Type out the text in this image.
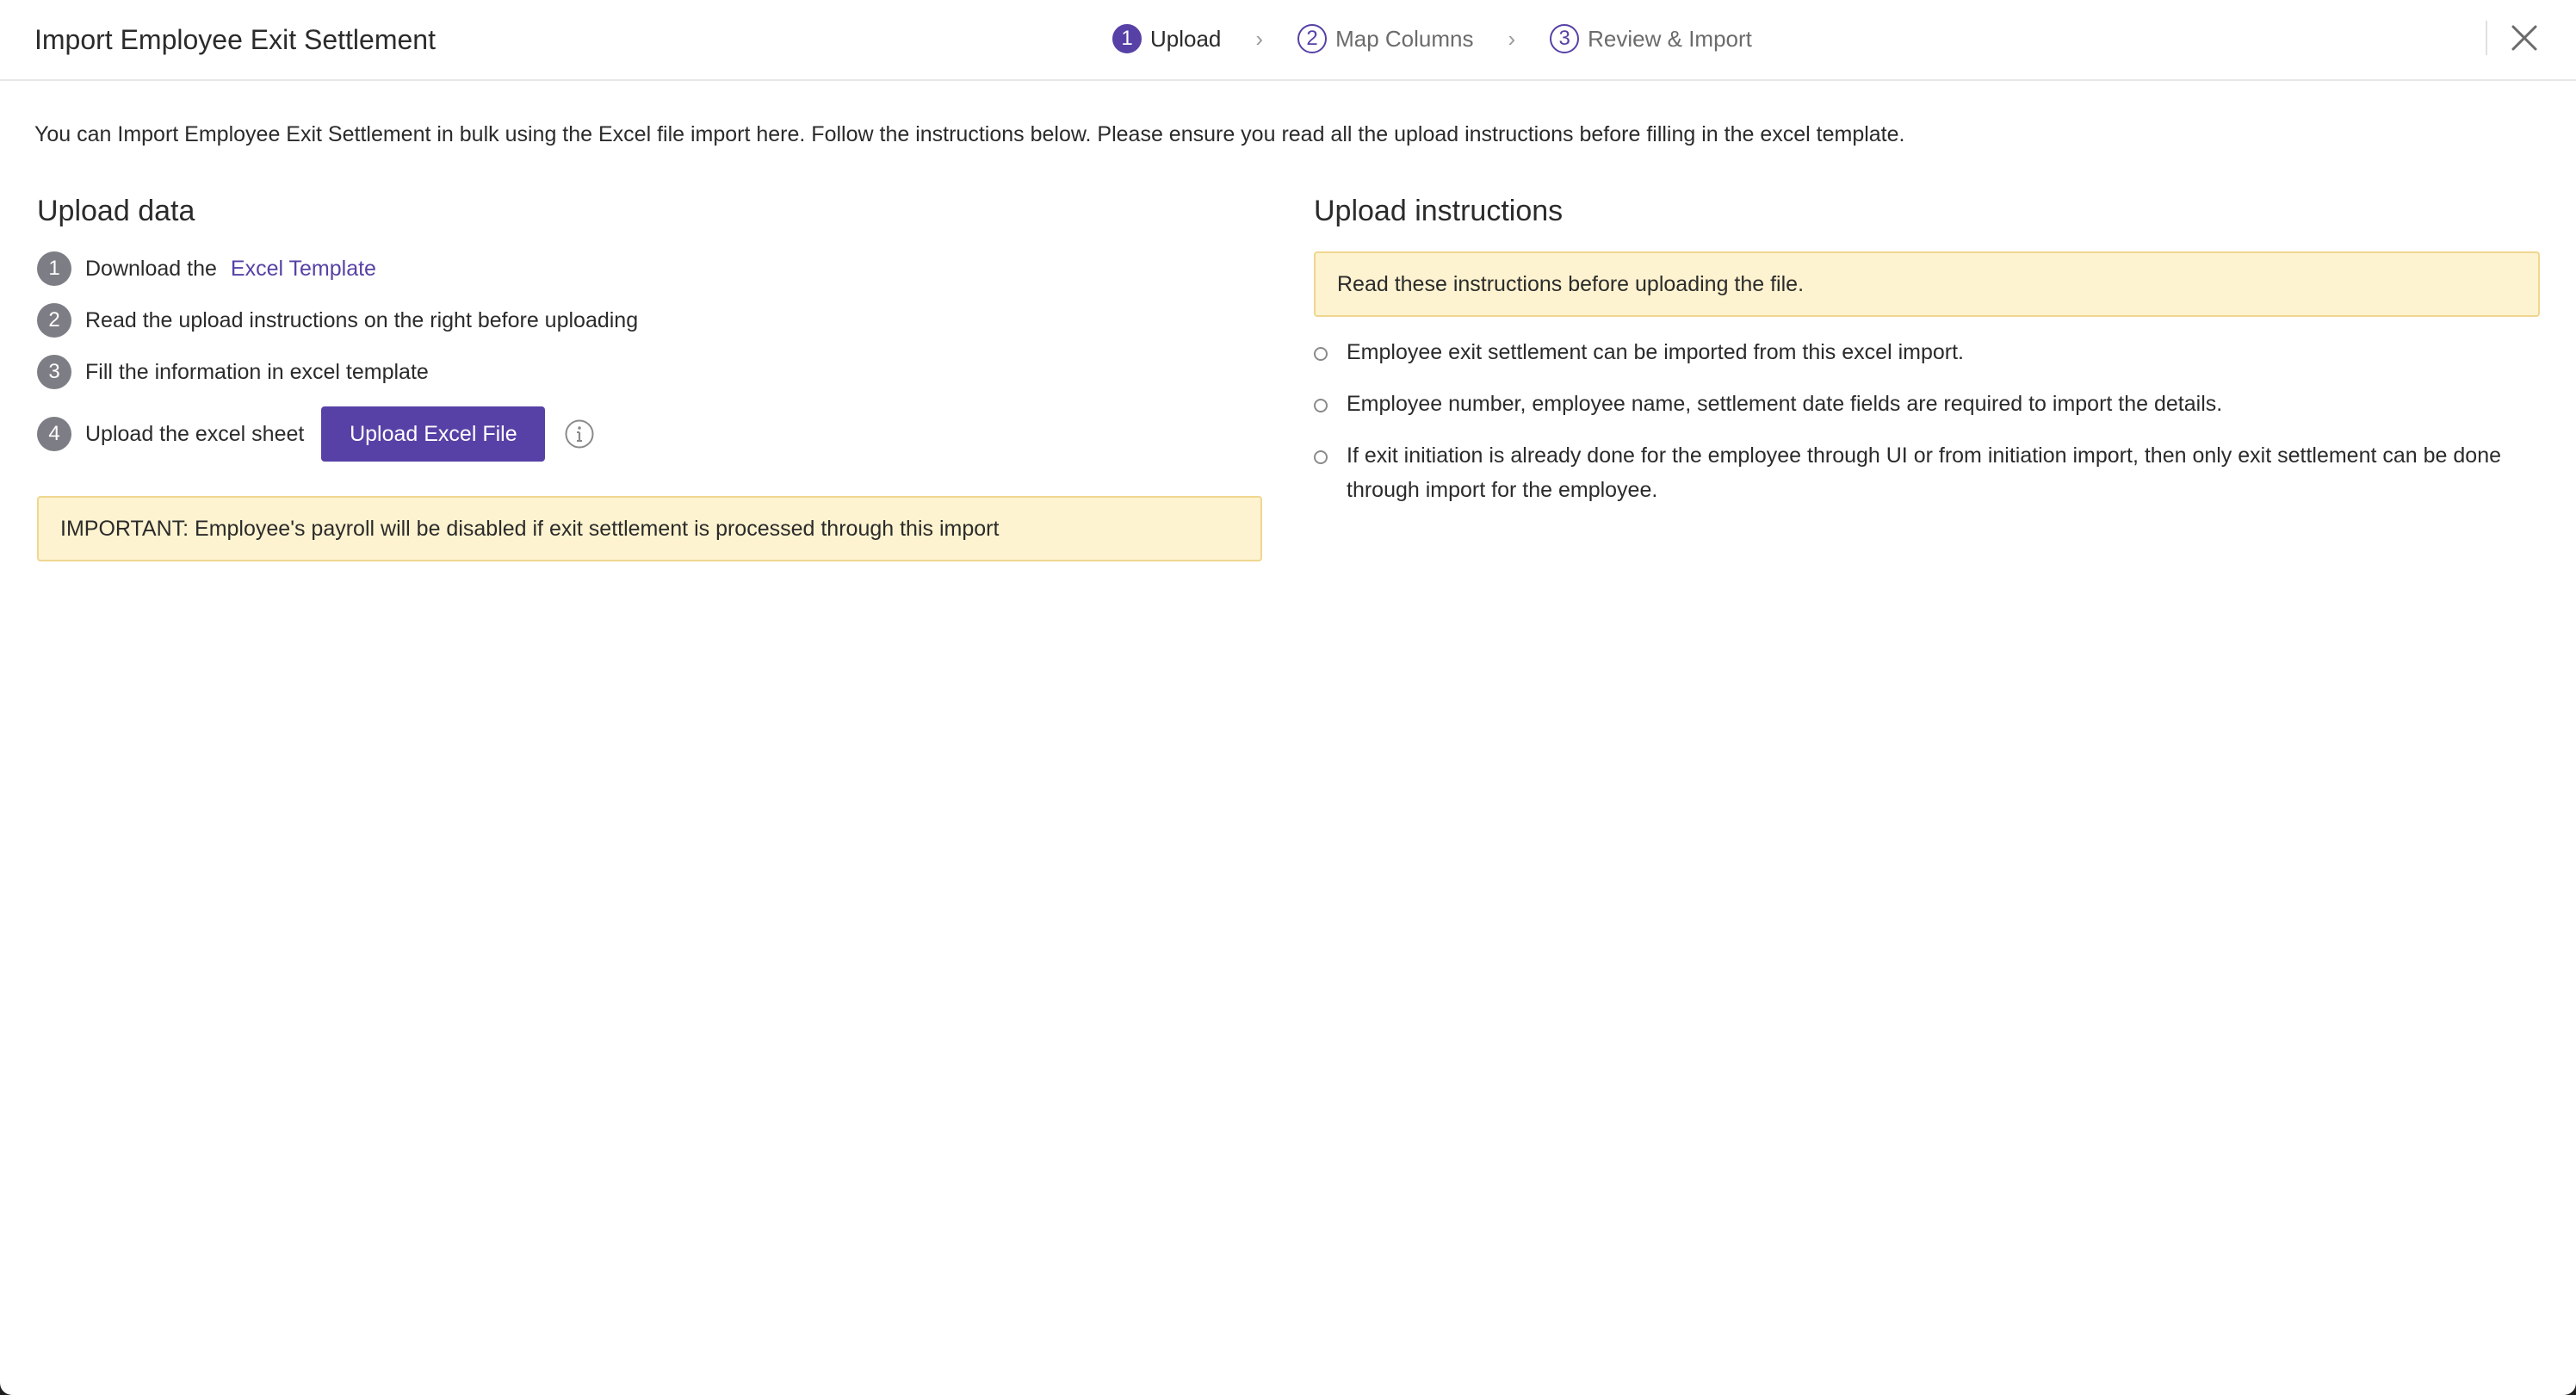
Import Employee Exit Settlement	1 Upload ›	2 Map Columns ›	3 Review & Import
You can Import Employee Exit Settlement in bulk using the Excel file import here. Follow the instructions below. Please ensure you read all the upload instructions before filling in the excel template.
Upload data
1	Download the Excel Template
2	Read the upload instructions on the right before uploading
3	Fill the information in excel template
4	Upload the excel sheet	Upload Excel File
IMPORTANT: Employee's payroll will be disabled if exit settlement is processed through this import
Upload instructions
Read these instructions before uploading the file.
Employee exit settlement can be imported from this excel import.
Employee number, employee name, settlement date fields are required to import the details.
If exit initiation is already done for the employee through UI or from initiation import, then only exit settlement can be done through import for the employee.
